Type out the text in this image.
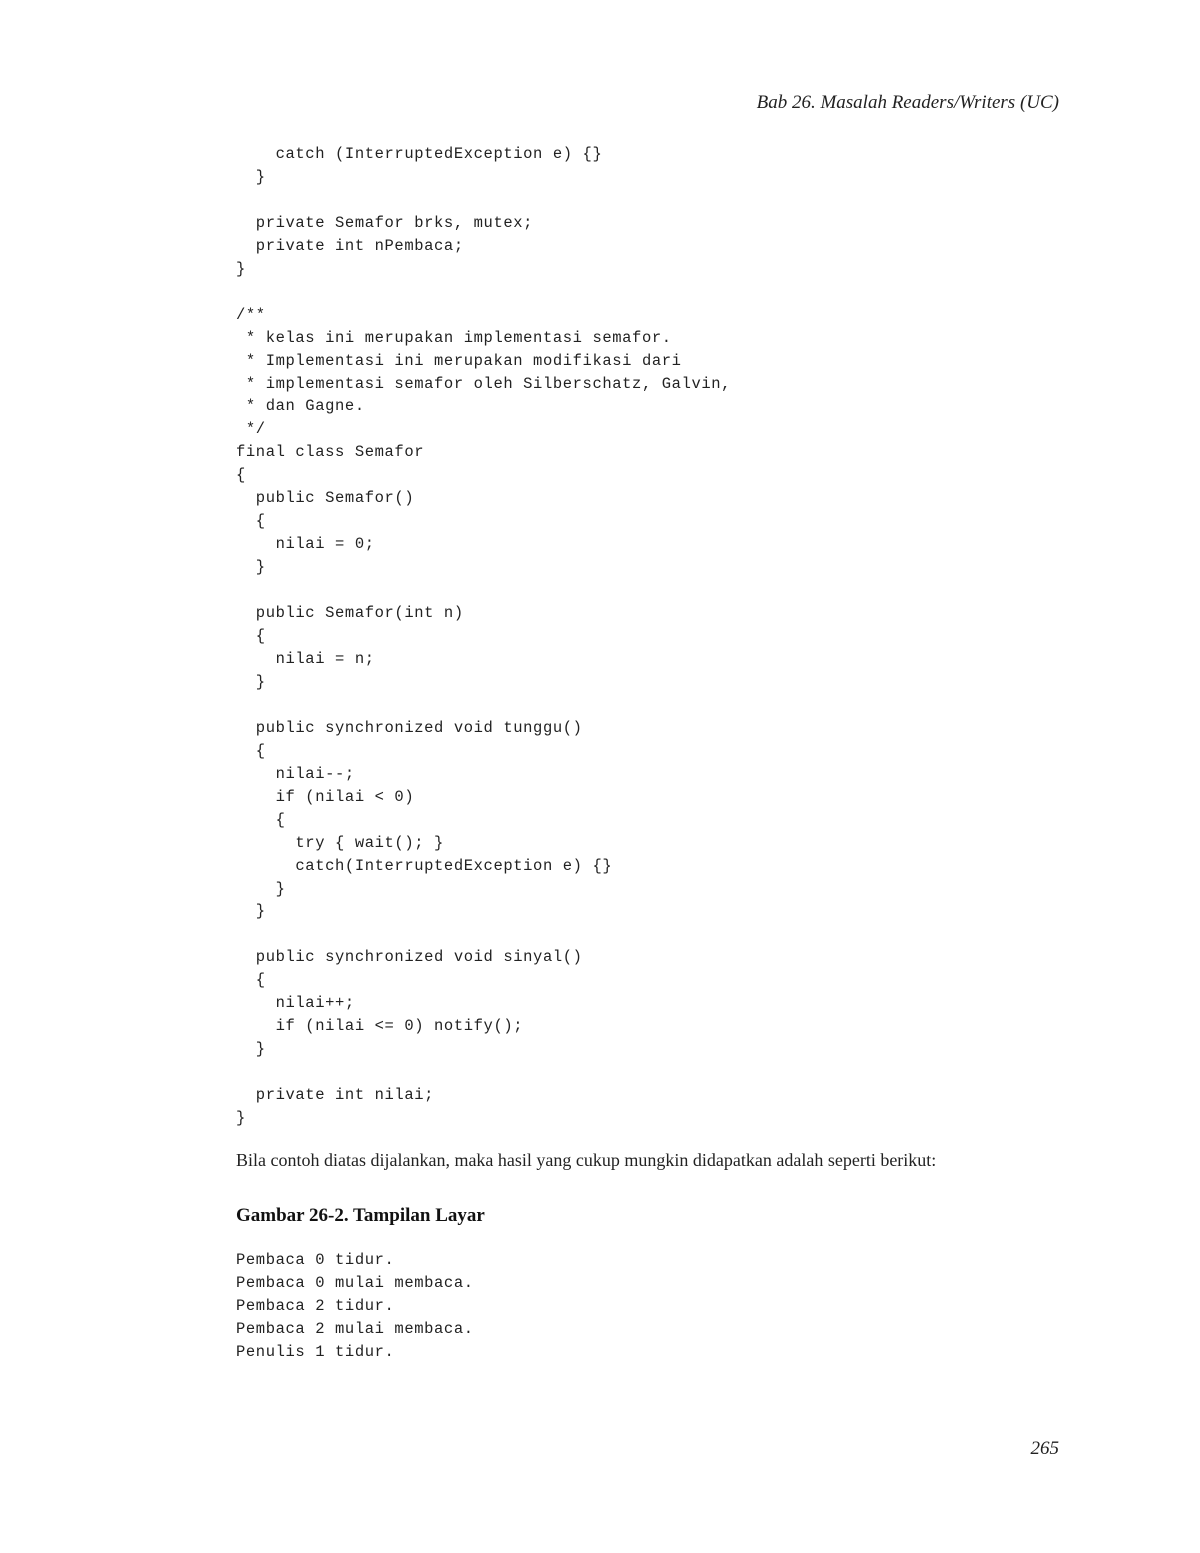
Bab 26. Masalah Readers/Writers (UC)
catch (InterruptedException e) {}
}

private Semafor brks, mutex;
private int nPembaca;
}

/**
* kelas ini merupakan implementasi semafor.
* Implementasi ini merupakan modifikasi dari
* implementasi semafor oleh Silberschatz, Galvin,
* dan Gagne.
*/
final class Semafor
{
public Semafor()
{
nilai = 0;
}

public Semafor(int n)
{
nilai = n;
}

public synchronized void tunggu()
{
nilai--;
if (nilai < 0)
{
try { wait(); }
catch(InterruptedException e) {}
}
}

public synchronized void sinyal()
{
nilai++;
if (nilai <= 0) notify();
}

private int nilai;
}
Bila contoh diatas dijalankan, maka hasil yang cukup mungkin didapatkan adalah seperti berikut:
Gambar 26-2. Tampilan Layar
Pembaca 0 tidur.
Pembaca 0 mulai membaca.
Pembaca 2 tidur.
Pembaca 2 mulai membaca.
Penulis 1 tidur.
265
